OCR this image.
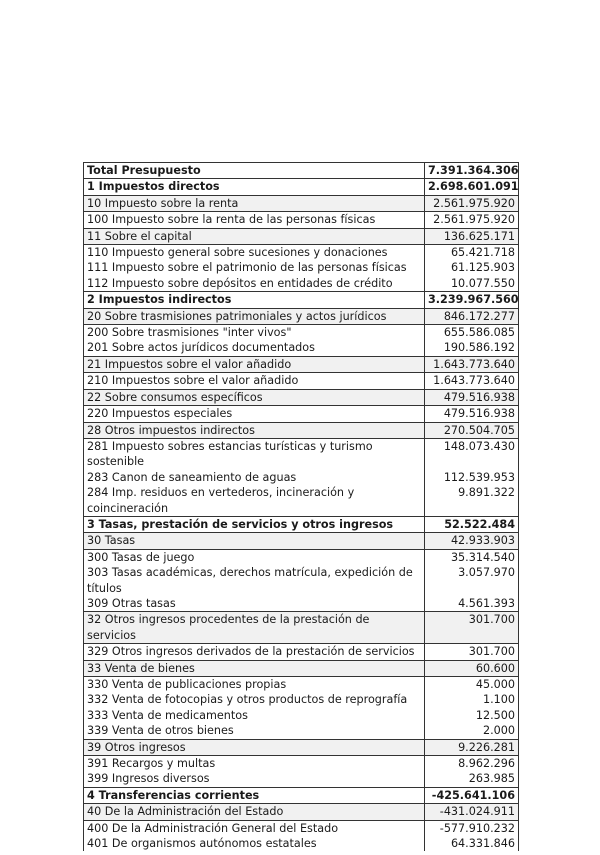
Total Presupuesto	7.391.364.306
1 Impuestos directos	2.698.601.091
10 Impuesto sobre la renta	2.561.975.920
100 Impuesto sobre la renta de las personas físicas	2.561.975.920
11 Sobre el capital	136.625.171
110 Impuesto general sobre sucesiones y donaciones	65.421.718
111 Impuesto sobre el patrimonio de las personas físicas	61.125.903
112 Impuesto sobre depósitos en entidades de crédito	10.077.550
2 Impuestos indirectos	3.239.967.560
20 Sobre trasmisiones patrimoniales y actos jurídicos	846.172.277
200 Sobre trasmisiones "inter vivos"	655.586.085
201 Sobre actos jurídicos documentados	190.586.192
21 Impuestos sobre el valor añadido	1.643.773.640
210 Impuestos sobre el valor añadido	1.643.773.640
22 Sobre consumos específicos	479.516.938
220 Impuestos especiales	479.516.938
28 Otros impuestos indirectos	270.504.705
281 Impuesto sobres estancias turísticas y turismo sostenible	148.073.430
283 Canon de saneamiento de aguas	112.539.953
284 Imp. residuos en vertederos, incineración y coincineración	9.891.322
3 Tasas, prestación de servicios y otros ingresos	52.522.484
30 Tasas	42.933.903
300 Tasas de juego	35.314.540
303 Tasas académicas, derechos matrícula, expedición de títulos	3.057.970
309 Otras tasas	4.561.393
32 Otros ingresos procedentes de la prestación de servicios	301.700
329 Otros ingresos derivados de la prestación de servicios	301.700
33 Venta de bienes	60.600
330 Venta de publicaciones propias	45.000
332 Venta de fotocopias y otros productos de reprografía	1.100
333 Venta de medicamentos	12.500
339 Venta de otros bienes	2.000
39 Otros ingresos	9.226.281
391 Recargos y multas	8.962.296
399 Ingresos diversos	263.985
4 Transferencias corrientes	-425.641.106
40 De la Administración del Estado	-431.024.911
400 De la Administración General del Estado	-577.910.232
401 De organismos autónomos estatales	64.331.846
